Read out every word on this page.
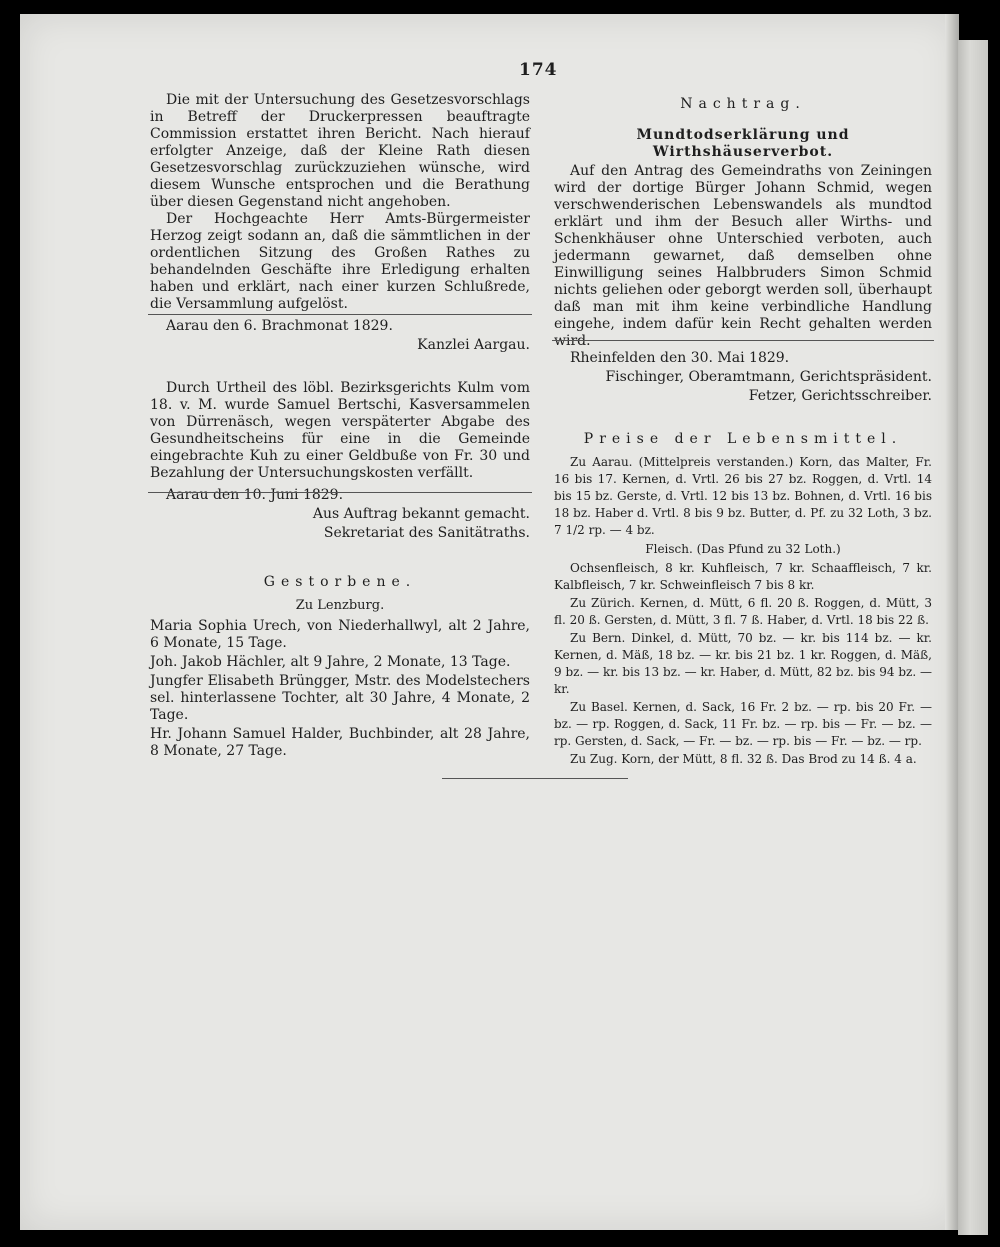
174

Die mit der Untersuchung des Gesetzesvorschlags in Betreff der Druckerpressen beauftragte Commission erstattet ihren Bericht. Nach hierauf erfolgter Anzeige, daß der Kleine Rath diesen Gesetzesvorschlag zurückzuziehen wünsche, wird diesem Wunsche entsprochen und die Berathung über diesen Gegenstand nicht angehoben.

Der Hochgeachte Herr Amts-Bürgermeister Herzog zeigt sodann an, daß die sämmtlichen in der ordentlichen Sitzung des Großen Rathes zu behandelnden Geschäfte ihre Erledigung erhalten haben und erklärt, nach einer kurzen Schlußrede, die Versammlung aufgelöst.

Aarau den 6. Brachmonat 1829.

Kanzlei Aargau.

Durch Urtheil des löbl. Bezirksgerichts Kulm vom 18. v. M. wurde Samuel Bertschi, Kasversammelen von Dürrenäsch, wegen verspäterter Abgabe des Gesundheitscheins für eine in die Gemeinde eingebrachte Kuh zu einer Geldbuße von Fr. 30 und Bezahlung der Untersuchungskosten verfällt.

Aarau den 10. Juni 1829.

Aus Auftrag bekannt gemacht.

Sekretariat des Sanitätraths.

Gestorbene.
Zu Lenzburg.

Maria Sophia Urech, von Niederhallwyl, alt 2 Jahre, 6 Monate, 15 Tage.

Joh. Jakob Hächler, alt 9 Jahre, 2 Monate, 13 Tage.

Jungfer Elisabeth Brüngger, Mstr. des Modelstechers sel. hinterlassene Tochter, alt 30 Jahre, 4 Monate, 2 Tage.

Hr. Johann Samuel Halder, Buchbinder, alt 28 Jahre, 8 Monate, 27 Tage.

Nachtrag.
Mundtodserklärung und Wirthshäuserverbot.

Auf den Antrag des Gemeindraths von Zeiningen wird der dortige Bürger Johann Schmid, wegen verschwenderischen Lebenswandels als mundtod erklärt und ihm der Besuch aller Wirths- und Schenkhäuser ohne Unterschied verboten, auch jedermann gewarnet, daß demselben ohne Einwilligung seines Halbbruders Simon Schmid nichts geliehen oder geborgt werden soll, überhaupt daß man mit ihm keine verbindliche Handlung eingehe, indem dafür kein Recht gehalten werden wird.

Rheinfelden den 30. Mai 1829.

Fischinger, Oberamtmann, Gerichtspräsident.

Fetzer, Gerichtsschreiber.

Preise der Lebensmittel.

Zu Aarau. (Mittelpreis verstanden.) Korn, das Malter, Fr. 16 bis 17. Kernen, d. Vrtl. 26 bis 27 bz. Roggen, d. Vrtl. 14 bis 15 bz. Gerste, d. Vrtl. 12 bis 13 bz. Bohnen, d. Vrtl. 16 bis 18 bz. Haber d. Vrtl. 8 bis 9 bz. Butter, d. Pf. zu 32 Loth, 3 bz. 7 1/2 rp. — 4 bz.

Fleisch. (Das Pfund zu 32 Loth.)

Ochsenfleisch, 8 kr. Kuhfleisch, 7 kr. Schaaffleisch, 7 kr. Kalbfleisch, 7 kr. Schweinfleisch 7 bis 8 kr.

Zu Zürich. Kernen, d. Mütt, 6 fl. 20 ß. Roggen, d. Mütt, 3 fl. 20 ß. Gersten, d. Mütt, 3 fl. 7 ß. Haber, d. Vrtl. 18 bis 22 ß.

Zu Bern. Dinkel, d. Mütt, 70 bz. — kr. bis 114 bz. — kr. Kernen, d. Mäß, 18 bz. — kr. bis 21 bz. 1 kr. Roggen, d. Mäß, 9 bz. — kr. bis 13 bz. — kr. Haber, d. Mütt, 82 bz. bis 94 bz. — kr.

Zu Basel. Kernen, d. Sack, 16 Fr. 2 bz. — rp. bis 20 Fr. — bz. — rp. Roggen, d. Sack, 11 Fr. bz. — rp. bis — Fr. — bz. — rp. Gersten, d. Sack, — Fr. — bz. — rp. bis — Fr. — bz. — rp.

Zu Zug. Korn, der Mütt, 8 fl. 32 ß. Das Brod zu 14 ß. 4 a.
